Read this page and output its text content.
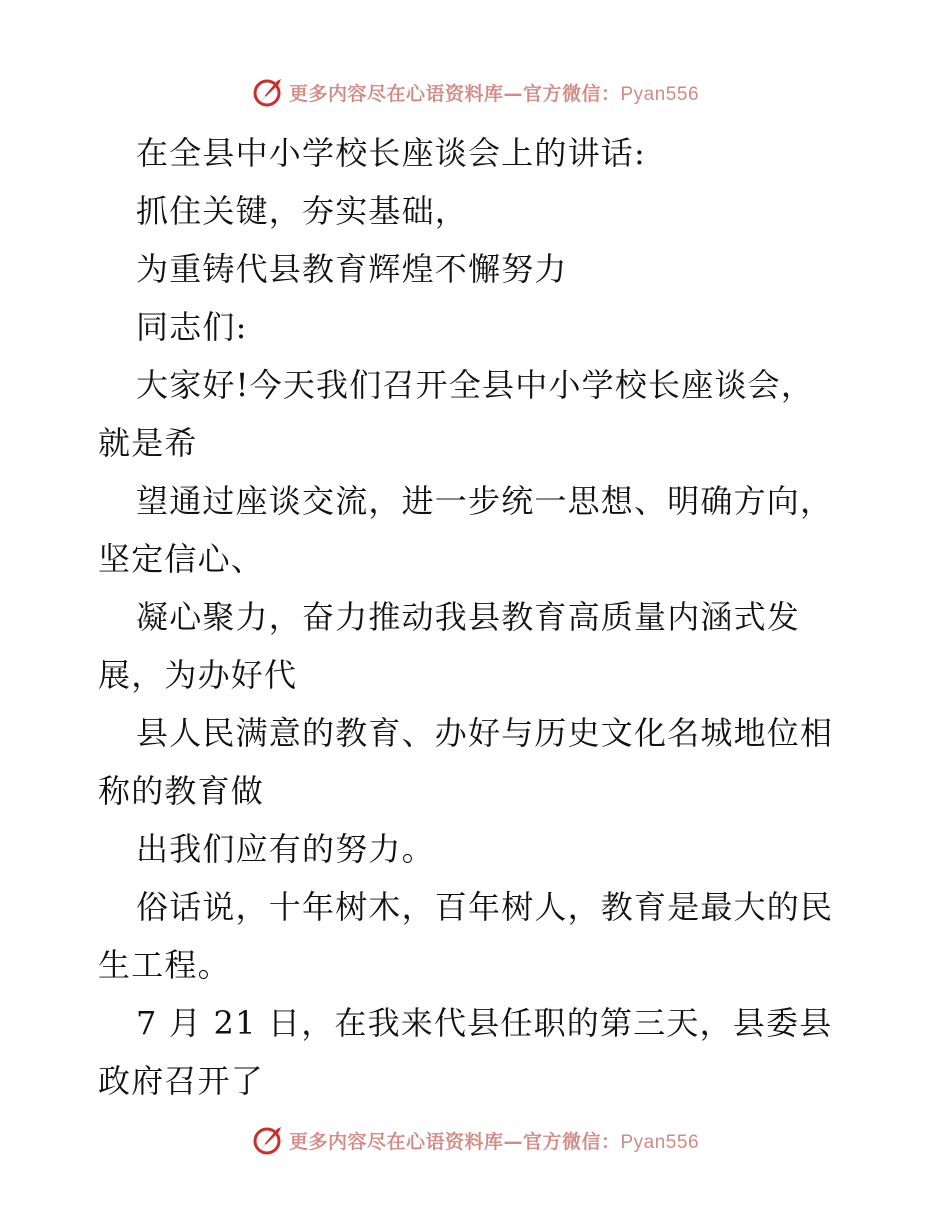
更多内容尽在心语资料库—官方微信：Pyan556
在全县中小学校长座谈会上的讲话:
抓住关键，夯实基础，
为重铸代县教育辉煌不懈努力
同志们:
大家好!今天我们召开全县中小学校长座谈会，
就是希
望通过座谈交流，进一步统一思想、明确方向，
坚定信心、
凝心聚力，奋力推动我县教育高质量内涵式发
展，为办好代
县人民满意的教育、办好与历史文化名城地位相
称的教育做
出我们应有的努力。
俗话说，十年树木，百年树人，教育是最大的民
生工程。
7 月 21 日，在我来代县任职的第三天，县委县
政府召开了
更多内容尽在心语资料库—官方微信：Pyan556
